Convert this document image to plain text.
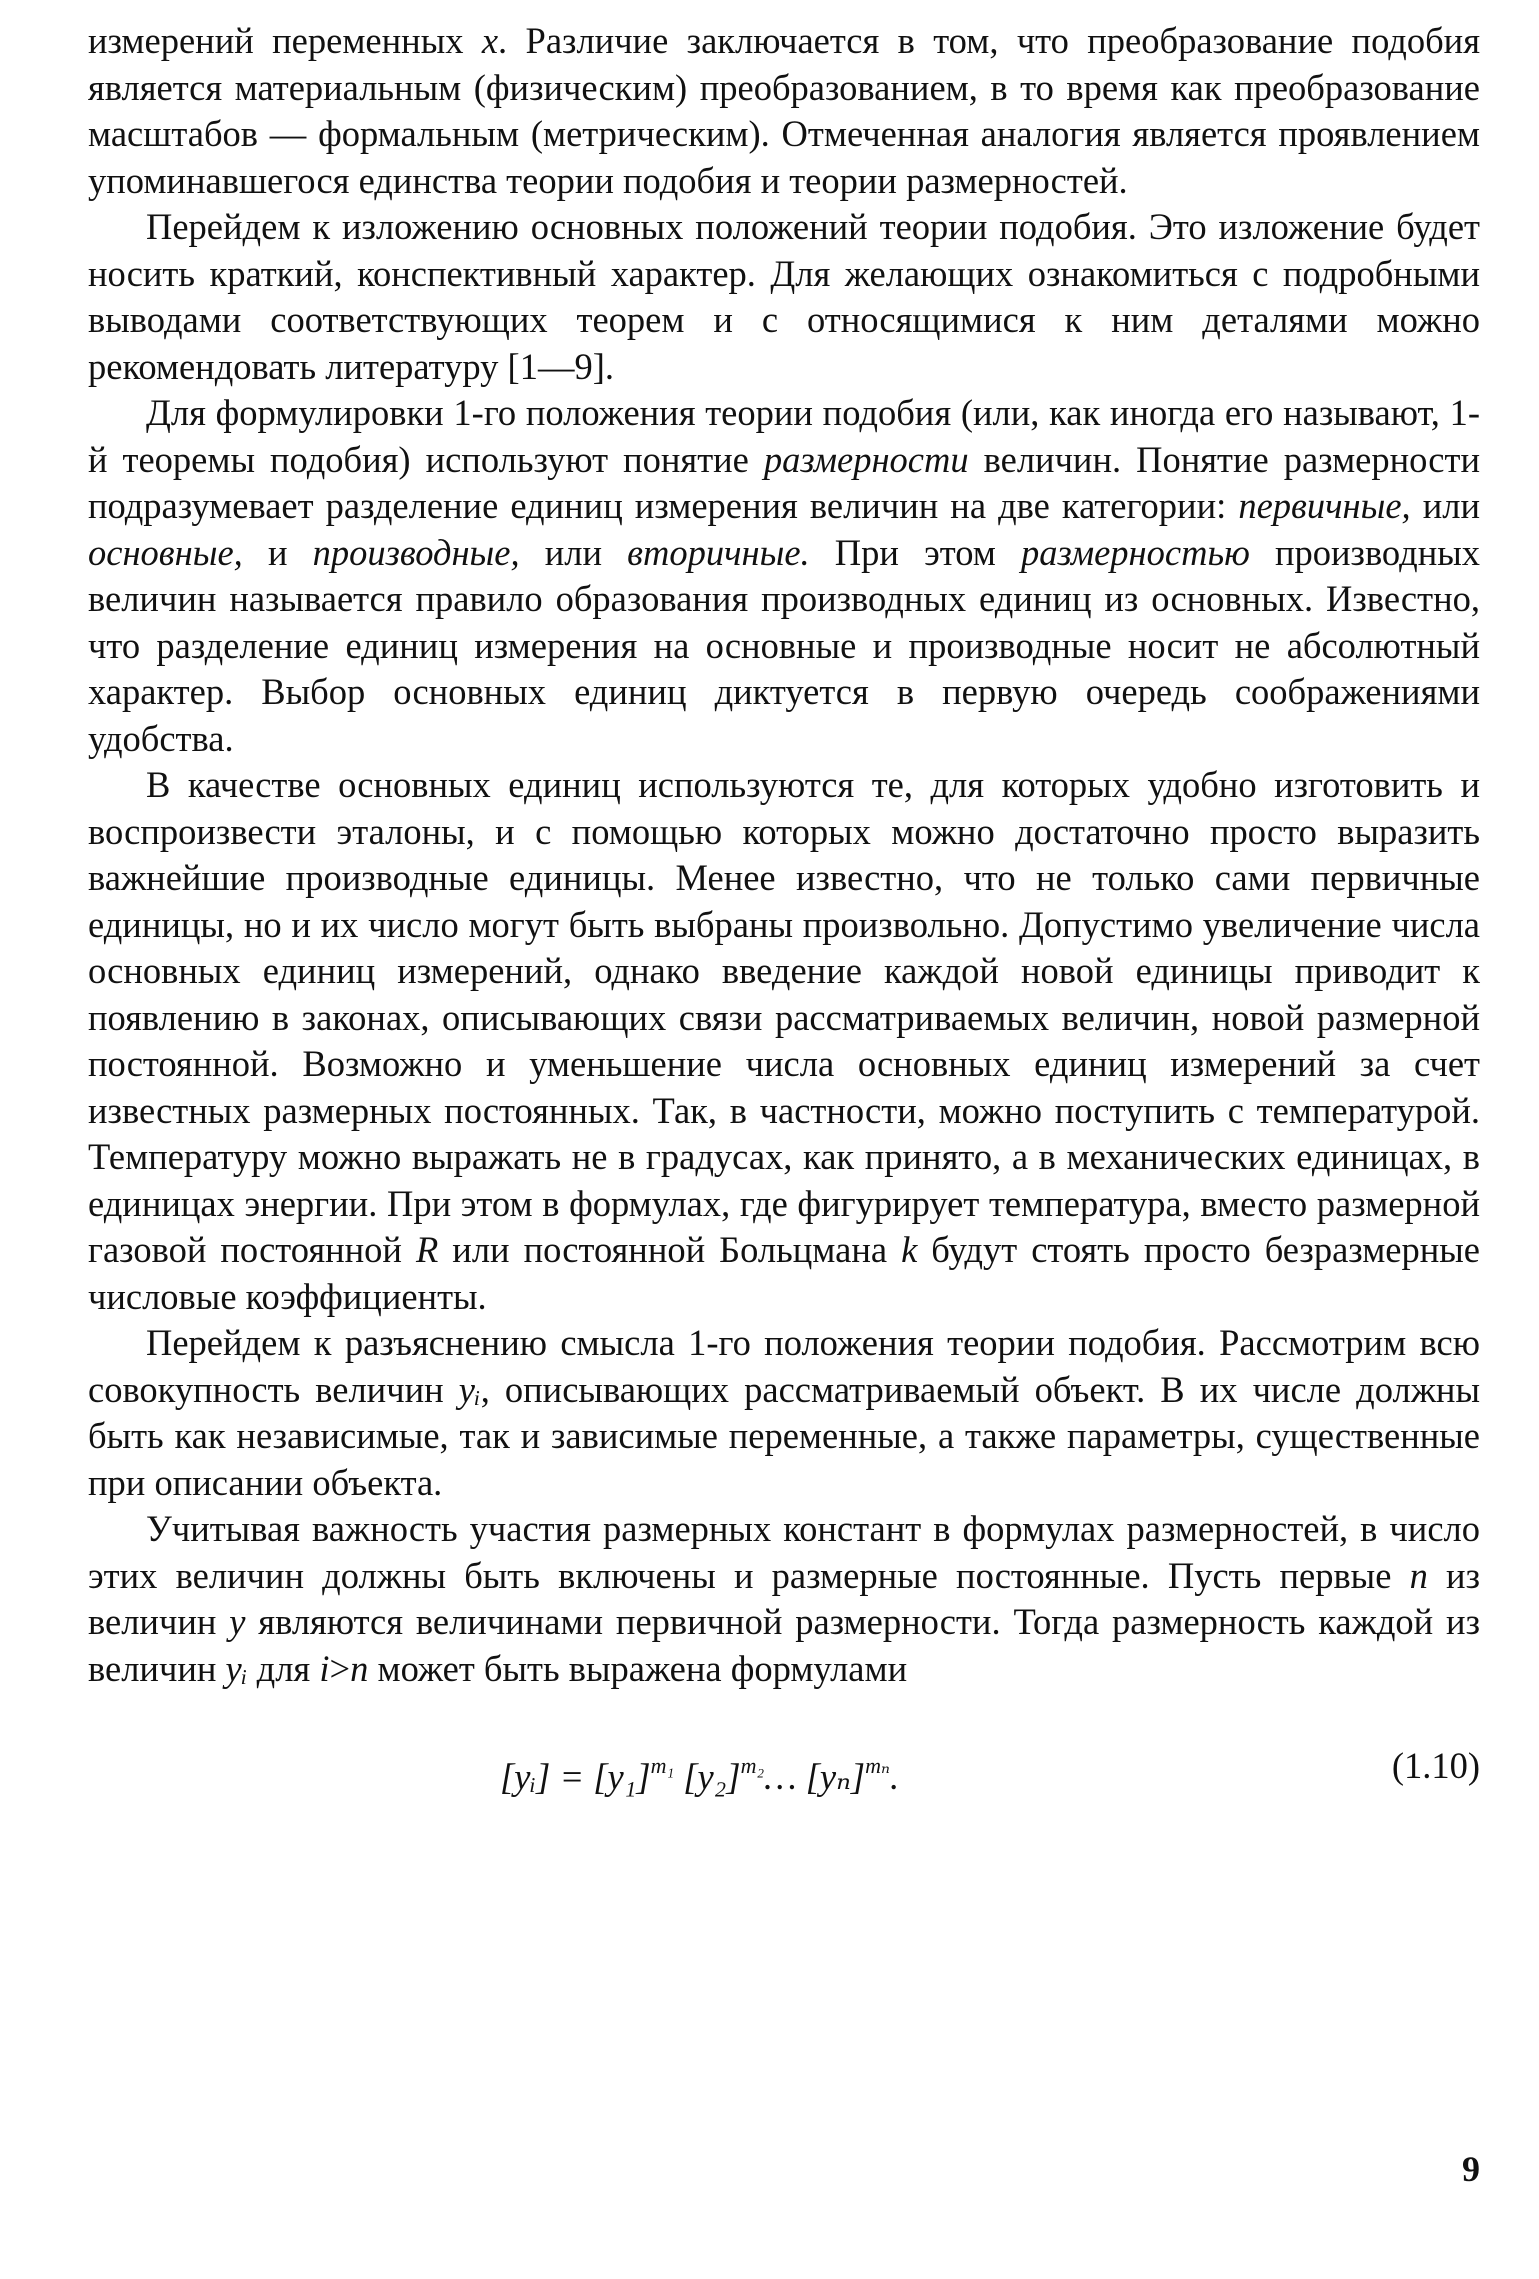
измерений переменных x. Различие заключается в том, что преобразование подобия является материальным (физическим) преобразованием, в то время как преобразование масштабов — формальным (метрическим). Отмеченная аналогия является проявлением упоминавшегося единства теории подобия и теории размерностей.

Перейдем к изложению основных положений теории подобия. Это изложение будет носить краткий, конспективный характер. Для желающих ознакомиться с подробными выводами соответствующих теорем и с относящимися к ним деталями можно рекомендовать литературу [1—9].

Для формулировки 1-го положения теории подобия (или, как иногда его называют, 1-й теоремы подобия) используют понятие размерности величин. Понятие размерности подразумевает разделение единиц измерения величин на две категории: первичные, или основные, и производные, или вторичные. При этом размерностью производных величин называется правило образования производных единиц из основных. Известно, что разделение единиц измерения на основные и производные носит не абсолютный характер. Выбор основных единиц диктуется в первую очередь соображениями удобства.

В качестве основных единиц используются те, для которых удобно изготовить и воспроизвести эталоны, и с помощью которых можно достаточно просто выразить важнейшие производные единицы. Менее известно, что не только сами первичные единицы, но и их число могут быть выбраны произвольно. Допустимо увеличение числа основных единиц измерений, однако введение каждой новой единицы приводит к появлению в законах, описывающих связи рассматриваемых величин, новой размерной постоянной. Возможно и уменьшение числа основных единиц измерений за счет известных размерных постоянных. Так, в частности, можно поступить с температурой. Температуру можно выражать не в градусах, как принято, а в механических единицах, в единицах энергии. При этом в формулах, где фигурирует температура, вместо размерной газовой постоянной R или постоянной Больцмана k будут стоять просто безразмерные числовые коэффициенты.

Перейдем к разъяснению смысла 1-го положения теории подобия. Рассмотрим всю совокупность величин yᵢ, описывающих рассматриваемый объект. В их числе должны быть как независимые, так и зависимые переменные, а также параметры, существенные при описании объекта.

Учитывая важность участия размерных констант в формулах размерностей, в число этих величин должны быть включены и размерные постоянные. Пусть первые n из величин y являются величинами первичной размерности. Тогда размерность каждой из величин yᵢ для i>n может быть выражена формулами

[yᵢ] = $[y_1]^{m_1}$ $[y_2]^{m_2}\dots$ $[y_n]^{m_n}$.	(1.10)
9
